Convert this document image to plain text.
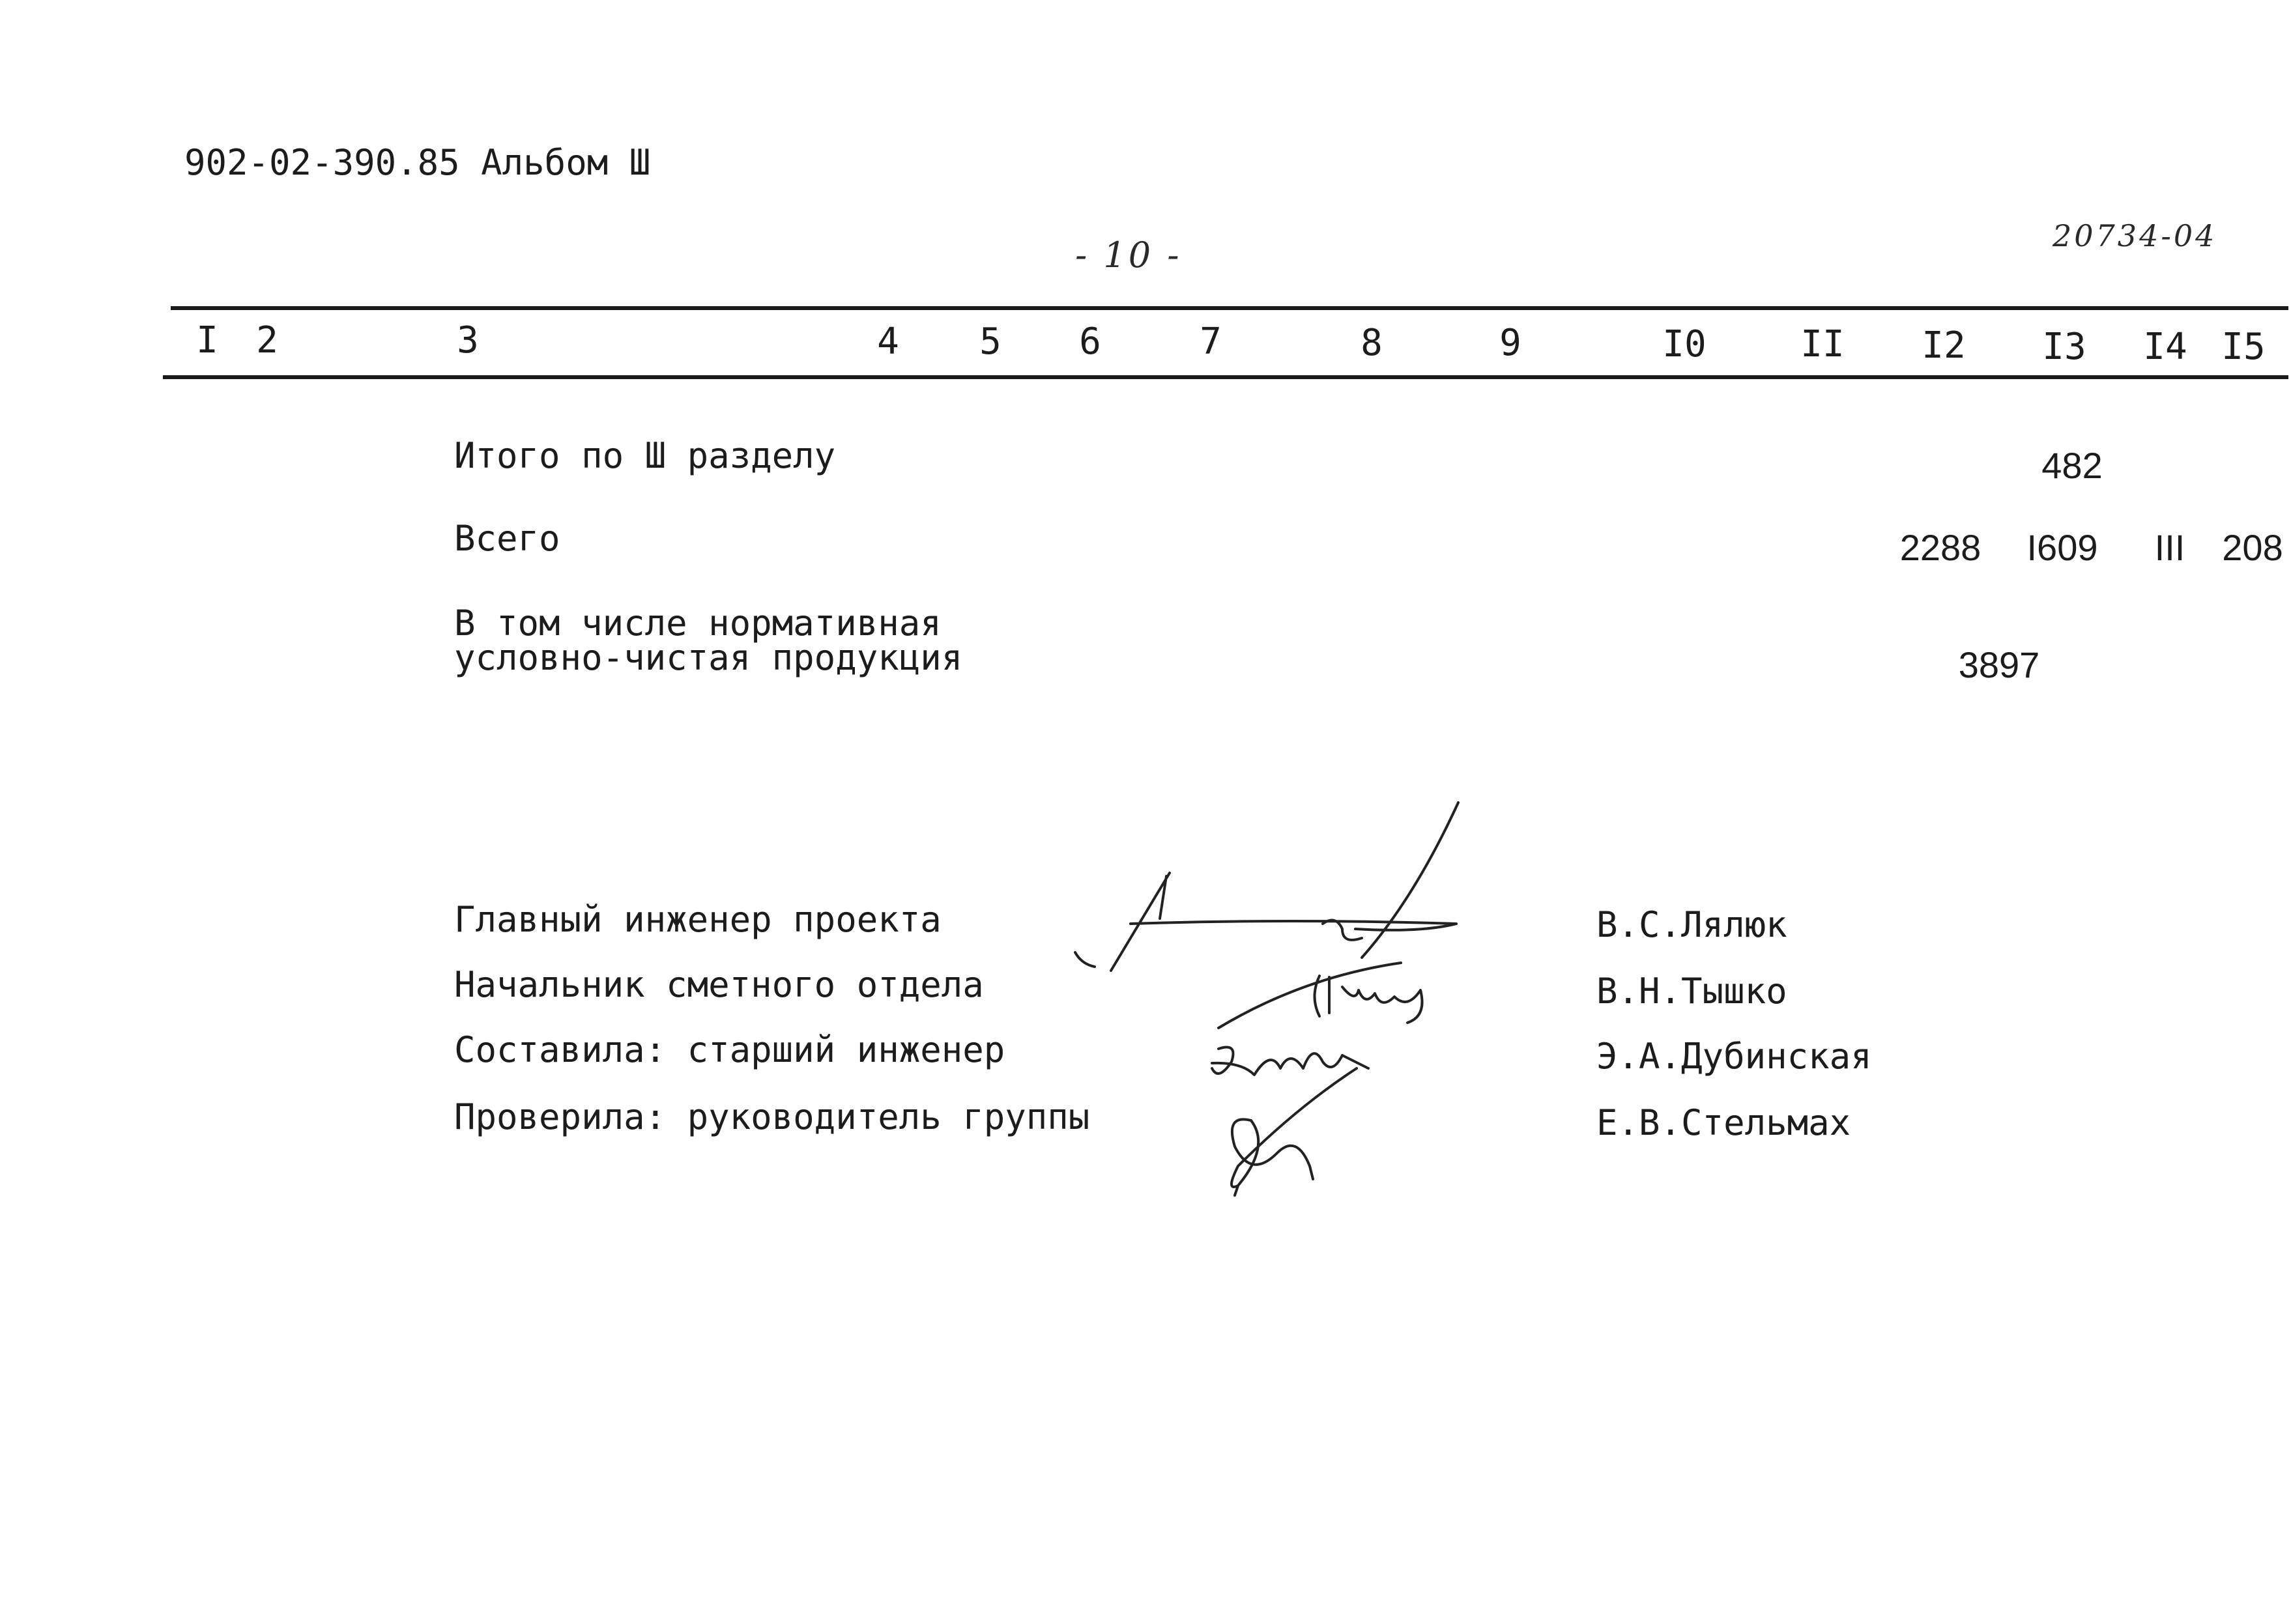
902-02-390.85 Альбом Ш
- 10 -	20734-04
I 2	3	4 5 6	7	8	9	I0	II I2 I3 I4 I5
Итого по Ш разделу	482
Всего	2288 I609 III 208
В том числе нормативная
условно-чистая продукция	3897
Главный инженер проекта	В.С.Лялюк
Начальник сметного отдела	В.Н.Тышко
Составила: старший инженер	Э.А.Дубинская
Проверила: руководитель группы	Е.В.Стельмах
